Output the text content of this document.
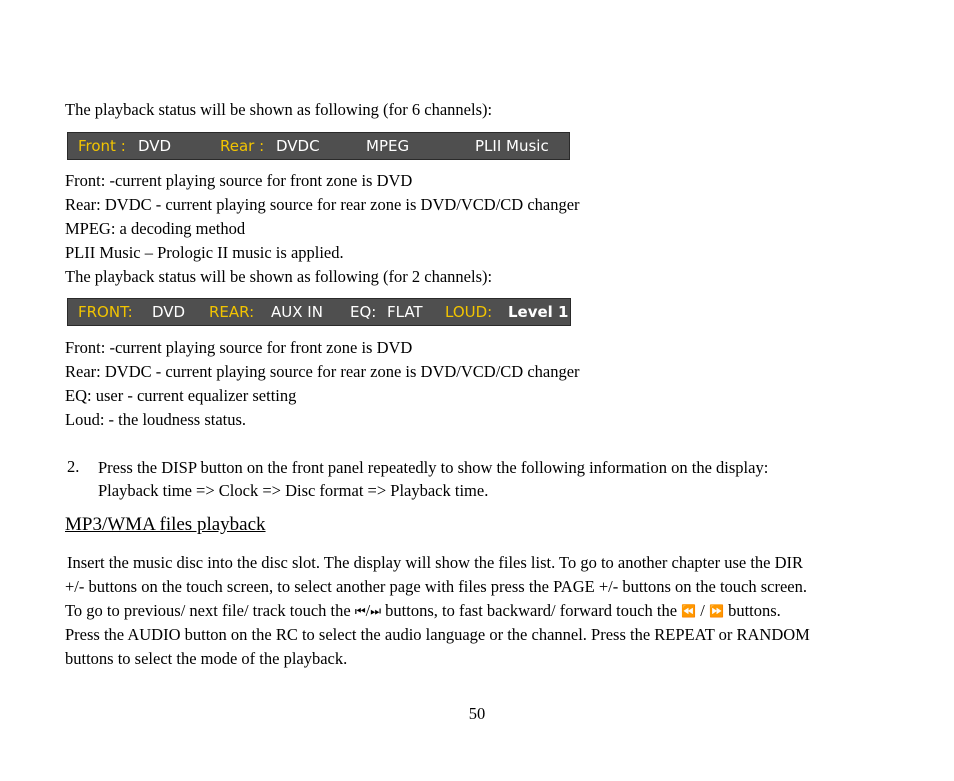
The playback status will be shown as following (for 6 channels):

Front : DVD	Rear : DVDC	MPEG	PLII Music

Front: -current playing source for front zone is DVD

Rear: DVDC - current playing source for rear zone is DVD/VCD/CD changer

MPEG: a decoding method

PLII Music – Prologic II music is applied.

The playback status will be shown as following (for 2 channels):

FRONT: DVD REAR: AUX IN EQ: FLAT LOUD: Level 1

Front: -current playing source for front zone is DVD

Rear: DVDC - current playing source for rear zone is DVD/VCD/CD changer

EQ: user - current equalizer setting

Loud: - the loudness status.

2. Press the DISP button on the front panel repeatedly to show the following information on the display:
Playback time => Clock => Disc format => Playback time.
MP3/WMA files playback
Insert the music disc into the disc slot. The display will show the files list. To go to another chapter use the DIR
+/- buttons on the touch screen, to select another page with files press the PAGE +/- buttons on the touch screen.
To go to previous/ next file/ track touch the ⏮/⏭ buttons, to fast backward/ forward touch the ⏪ / ⏩ buttons.
Press the AUDIO button on the RC to select the audio language or the channel. Press the REPEAT or RANDOM
buttons to select the mode of the playback.
50
